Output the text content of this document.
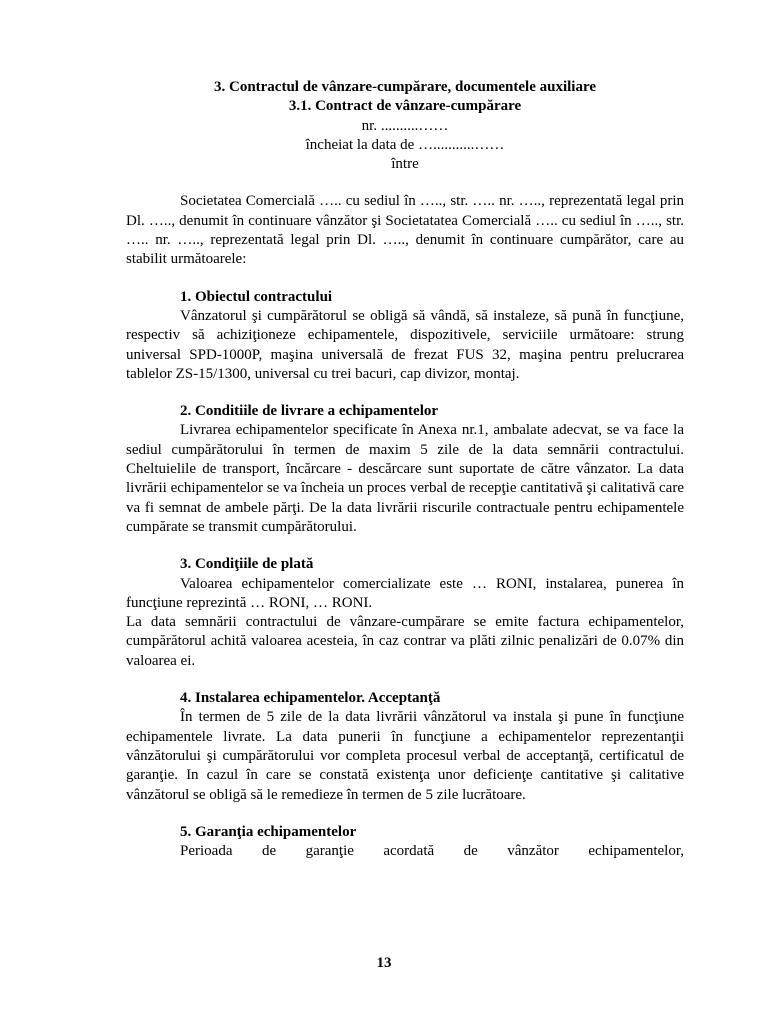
3. Contractul de vânzare-cumpărare, documentele auxiliare

3.1. Contract de vânzare-cumpărare

nr. ..........……

încheiat la data de …...........……

între

Societatea Comercială ….. cu sediul în ….., str. ….. nr. ….., reprezentată legal prin Dl. ….., denumit în continuare vânzător şi Societatatea Comercială ….. cu sediul în ….., str. ….. nr. ….., reprezentată legal prin Dl. ….., denumit în continuare cumpărător, care au stabilit următoarele:

1. Obiectul contractului

Vânzatorul şi cumpărătorul se obligă să vândă, să instaleze, să pună în funcţiune, respectiv să achiziţioneze echipamentele, dispozitivele, serviciile următoare: strung universal SPD-1000P, maşina universală de frezat FUS 32, maşina pentru prelucrarea tablelor ZS-15/1300, universal cu trei bacuri, cap divizor, montaj.

2. Conditiile de livrare a echipamentelor

Livrarea echipamentelor specificate în Anexa nr.1, ambalate adecvat, se va face la sediul cumpărătorului în termen de maxim 5 zile de la data semnării contractului. Cheltuielile de transport, încărcare - descărcare sunt suportate de către vânzator. La data livrării echipamentelor se va încheia un proces verbal de recepţie cantitativă şi calitativă care va fi semnat de ambele părţi. De la data livrării riscurile contractuale pentru echipamentele cumpărate se transmit cumpărătorului.

3. Condiţiile de plată

Valoarea echipamentelor comercializate este … RONI, instalarea, punerea în funcţiune reprezintă … RONI, … RONI.

La data semnării contractului de vânzare-cumpărare se emite factura echipamentelor, cumpărătorul achită valoarea acesteia, în caz contrar va plăti zilnic penalizări de 0.07% din valoarea ei.

4. Instalarea echipamentelor. Acceptanţă

În termen de 5 zile de la data livrării vânzătorul va instala şi pune în funcţiune echipamentele livrate. La data punerii în funcţiune a echipamentelor reprezentanţii vânzătorului şi cumpărătorului vor completa procesul verbal de acceptanţă, certificatul de garanţie. In cazul în care se constată existenţa unor deficienţe cantitative şi calitative vânzătorul se obligă să le remedieze în termen de 5 zile lucrătoare.

5. Garanţia echipamentelor

Perioada de garanţie acordată de vânzător echipamentelor,

13
